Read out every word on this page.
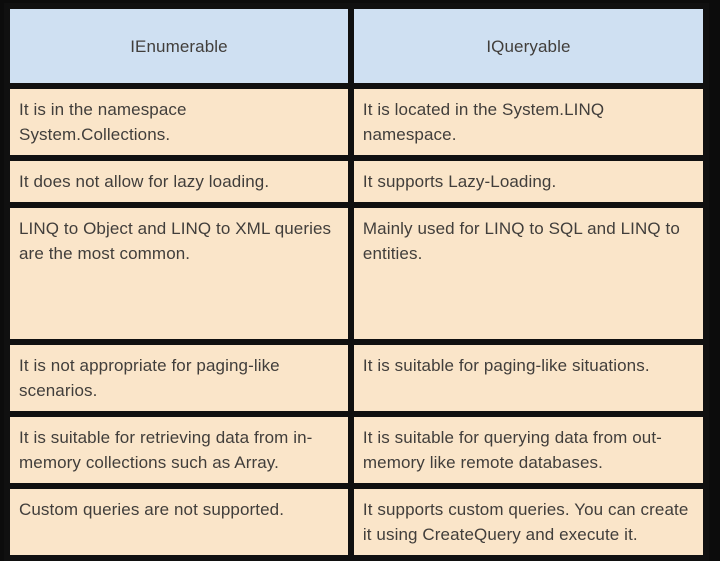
IEnumerable	IQueryable
It is in the namespace System.Collections.	It is located in the System.LINQ namespace.
It does not allow for lazy loading.	It supports Lazy-Loading.
LINQ to Object and LINQ to XML queries are the most common.	Mainly used for LINQ to SQL and LINQ to entities.
It is not appropriate for paging-like scenarios.	It is suitable for paging-like situations.
It is suitable for retrieving data from in-memory collections such as Array.	It is suitable for querying data from out-memory like remote databases.
Custom queries are not supported.	It supports custom queries. You can create it using CreateQuery and execute it.
